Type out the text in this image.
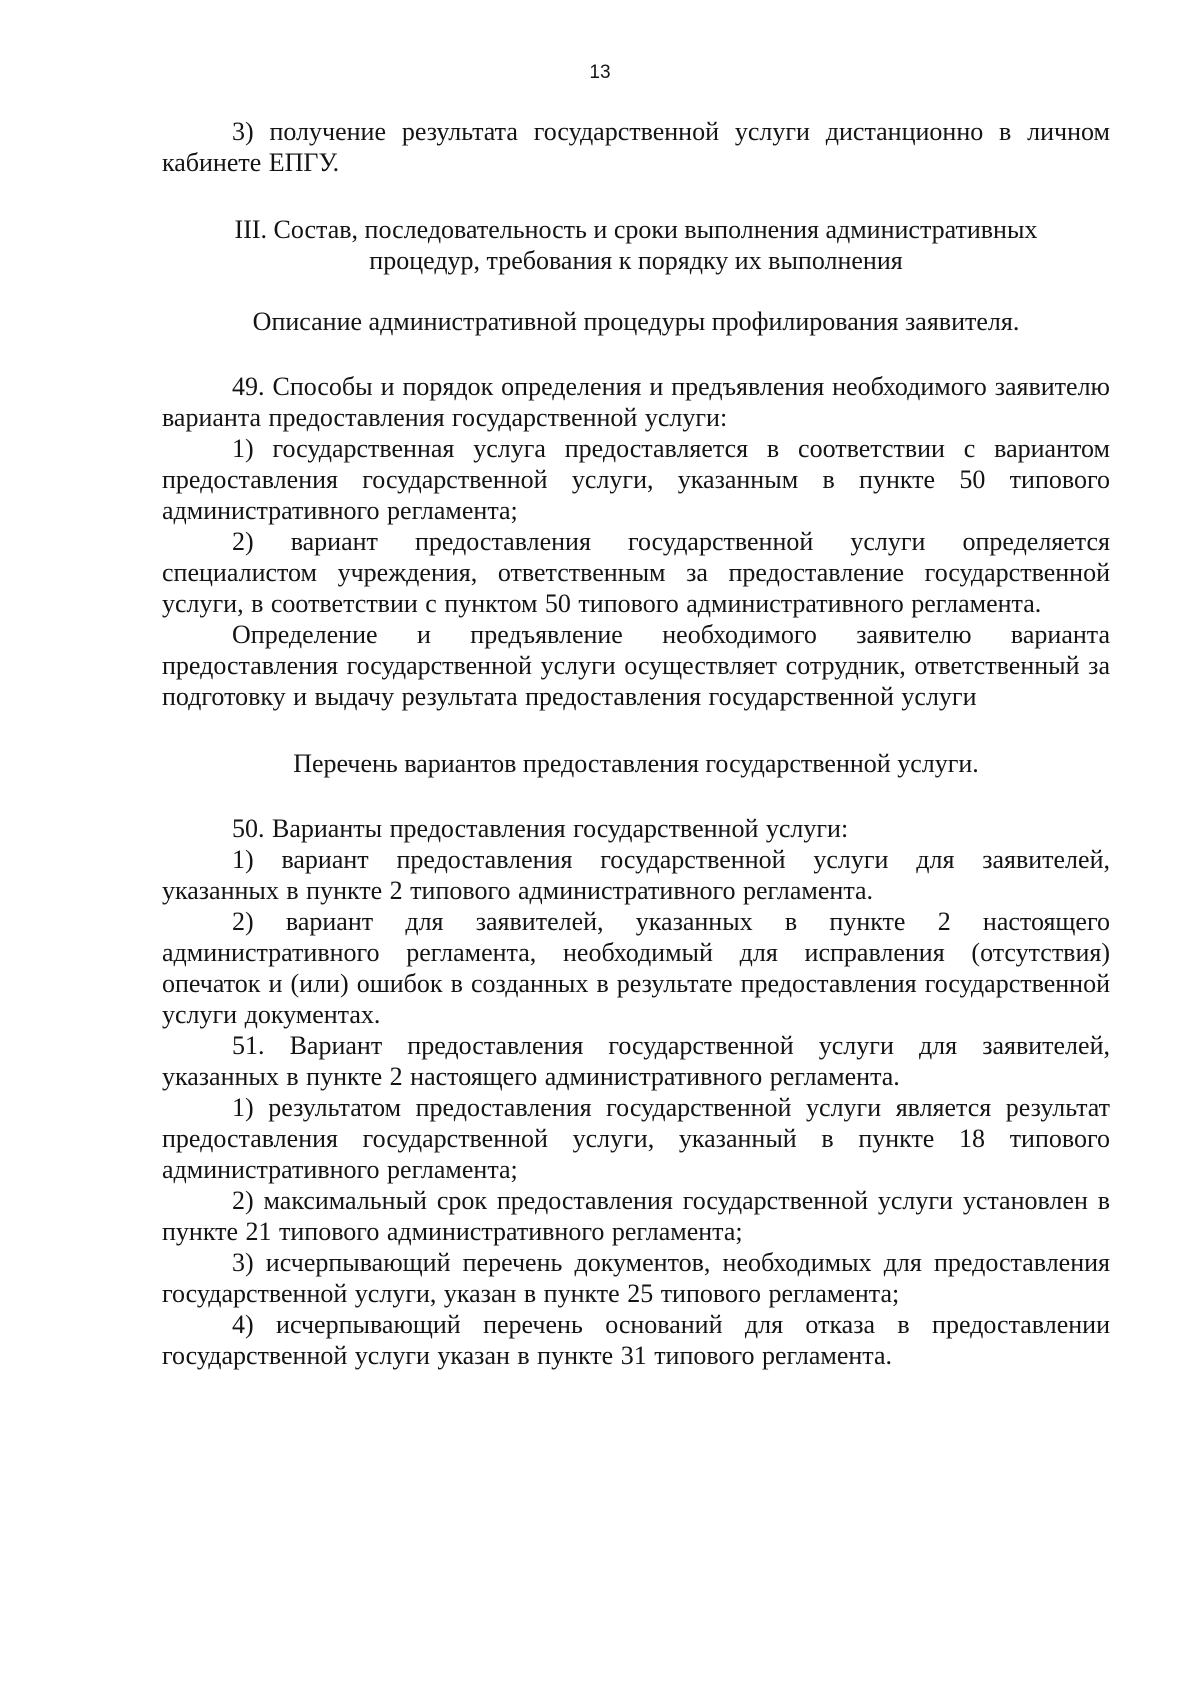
13

3) получение результата государственной услуги дистанционно в личном кабинете ЕПГУ.

III. Состав, последовательность и сроки выполнения административных

процедур, требования к порядку их выполнения

Описание административной процедуры профилирования заявителя.

49. Способы и порядок определения и предъявления необходимого заявителю варианта предоставления государственной услуги:

1) государственная услуга предоставляется в соответствии с вариантом предоставления государственной услуги, указанным в пункте 50 типового административного регламента;

2) вариант предоставления государственной услуги определяется специалистом учреждения, ответственным за предоставление государственной услуги, в соответствии с пунктом 50 типового административного регламента.

Определение и предъявление необходимого заявителю варианта предоставления государственной услуги осуществляет сотрудник, ответственный за подготовку и выдачу результата предоставления государственной услуги

Перечень вариантов предоставления государственной услуги.

50. Варианты предоставления государственной услуги:

1) вариант предоставления государственной услуги для заявителей, указанных в пункте 2 типового административного регламента.

2) вариант для заявителей, указанных в пункте 2 настоящего административного регламента, необходимый для исправления (отсутствия) опечаток и (или) ошибок в созданных в результате предоставления государственной услуги документах.

51. Вариант предоставления государственной услуги для заявителей, указанных в пункте 2 настоящего административного регламента.

1) результатом предоставления государственной услуги является результат предоставления государственной услуги, указанный в пункте 18 типового административного регламента;

2) максимальный срок предоставления государственной услуги установлен в пункте 21 типового административного регламента;

3) исчерпывающий перечень документов, необходимых для предоставления государственной услуги, указан в пункте 25 типового регламента;

4) исчерпывающий перечень оснований для отказа в предоставлении государственной услуги указан в пункте 31 типового регламента.
